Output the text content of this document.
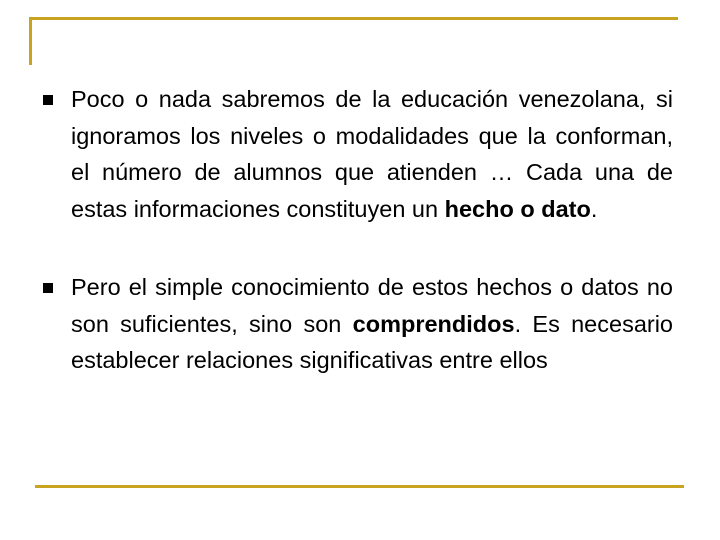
Poco o nada sabremos de la educación venezolana, si ignoramos los niveles o modalidades que la conforman, el número de alumnos que atienden … Cada una de estas informaciones constituyen un hecho o dato.
Pero el simple conocimiento de estos hechos o datos no son suficientes, sino son comprendidos. Es necesario establecer relaciones significativas entre ellos
